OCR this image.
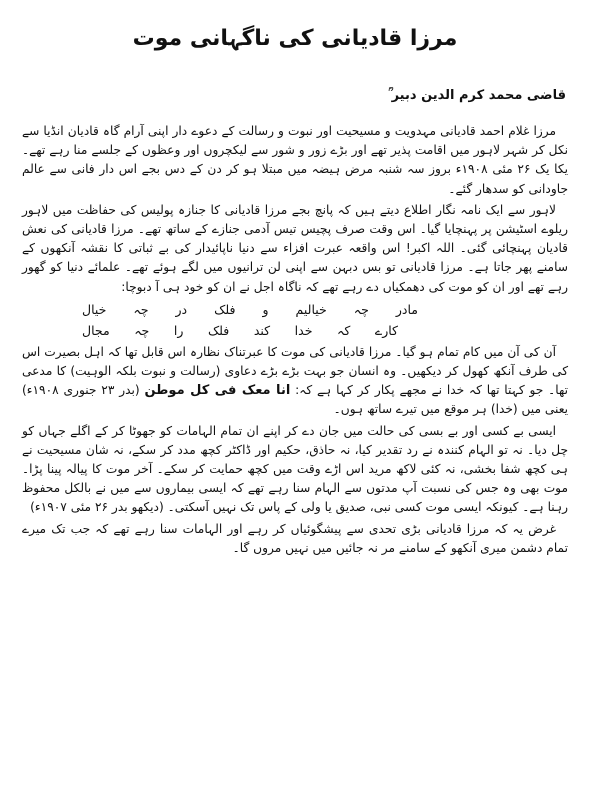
مرزا قادیانی کی ناگہانی موت
قاضی محمد کرم الدین دبیر ؒ

مرزا غلام احمد قادیانی مہدویت و مسیحیت اور نبوت و رسالت کے دعوے دار اپنی آرام گاہ قادیان انڈیا سے نکل کر شہر لاہور میں اقامت پذیر تھے اور بڑے زور و شور سے لیکچروں اور وعظوں کے جلسے منا رہے تھے۔ یکا یک ۲۶ مئی ۱۹۰۸ء بروز سہ شنبہ مرض ہیضہ میں مبتلا ہو کر دن کے دس بجے اس دار فانی سے عالم جاودانی کو سدھار گئے۔

لاہور سے ایک نامہ نگار اطلاع دیتے ہیں کہ پانچ بجے مرزا قادیانی کا جنازہ پولیس کی حفاظت میں لاہور ریلوے اسٹیشن پر پہنچایا گیا۔ اس وقت صرف پچیس تیس آدمی جنازے کے ساتھ تھے۔ مرزا قادیانی کی نعش قادیان پہنچائی گئی۔ اللہ اکبر! اس واقعہ عبرت افزاء سے دنیا ناپائیدار کی بے ثباتی کا نقشہ آنکھوں کے سامنے پھر جاتا ہے۔ مرزا قادیانی تو بس دبہن سے اپنی لن ترانیوں میں لگے ہوئے تھے۔ علمائے دنیا کو گھور رہے تھے اور ان کو موت کی دھمکیاں دے رہے تھے کہ ناگاہ اجل نے ان کو خود ہی آ دبوچا:

مادر چہ خیالیم و فلک در چہ خیال
کارے کہ خدا کند فلک را چہ مجال

آن کی آن میں کام تمام ہو گیا۔ مرزا قادیانی کی موت کا عبرتناک نظارہ اس قابل تھا کہ اہل بصیرت اس کی طرف آنکھ کھول کر دیکھیں۔ وہ انسان جو بہت بڑے بڑے دعاوی (رسالت و نبوت بلکہ الوہیت) کا مدعی تھا۔ جو کہتا تھا کہ خدا نے مجھے پکار کر کہا ہے کہ: انا معک فی کل موطن (بدر ۲۳ جنوری ۱۹۰۸ء) یعنی میں (خدا) ہر موقع میں تیرے ساتھ ہوں۔

ایسی بے کسی اور بے بسی کی حالت میں جان دے کر اپنے ان تمام الہامات کو جھوٹا کر کے اگلے جہاں کو چل دیا۔ نہ تو الہام کنندہ نے رد تقدیر کیا، نہ حاذق، حکیم اور ڈاکٹر کچھ مدد کر سکے، نہ شان مسیحیت نے ہی کچھ شفا بخشی، نہ کئی لاکھ مرید اس اڑے وقت میں کچھ حمایت کر سکے۔ آخر موت کا پیالہ پینا پڑا۔ موت بھی وہ جس کی نسبت آپ مدتوں سے الہام سنا رہے تھے کہ ایسی بیماروں سے میں نے بالکل محفوظ رہنا ہے۔ کیونکہ ایسی موت کسی نبی، صدیق یا ولی کے پاس تک نہیں آسکتی۔ (دیکھو بدر ۲۶ مئی ۱۹۰۷ء)

غرض یہ کہ مرزا قادیانی بڑی تحدی سے پیشگوئیاں کر رہے اور الہامات سنا رہے تھے کہ جب تک میرے تمام دشمن میری آنکھو کے سامنے مر نہ جائیں میں نہیں مروں گا۔
